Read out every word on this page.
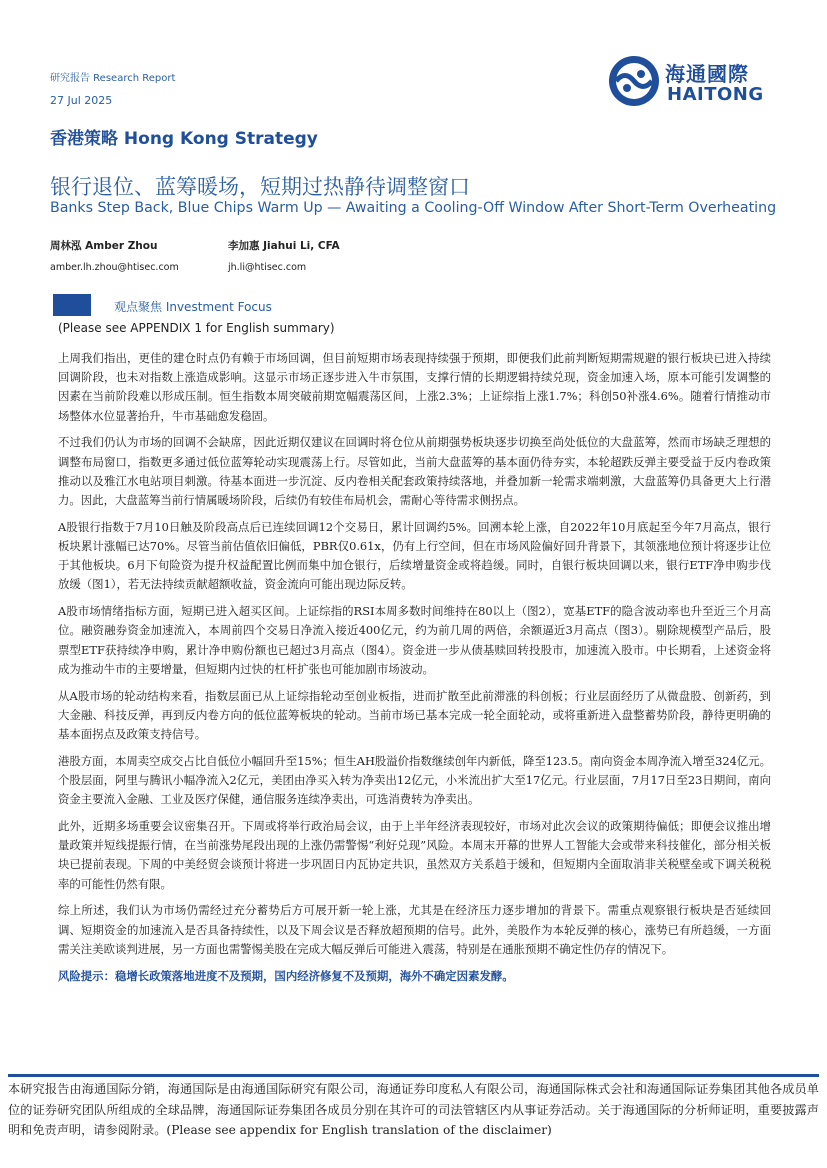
研究报告 Research Report
27 Jul 2025
海通國際
HAITONG
香港策略 Hong Kong Strategy
银行退位、蓝筹暖场，短期过热静待调整窗口
Banks Step Back, Blue Chips Warm Up — Awaiting a Cooling-Off Window After Short-Term Overheating
周林泓 Amber Zhou	李加惠 Jiahui Li, CFA
amber.lh.zhou@htisec.com	jh.li@htisec.com
观点聚焦 Investment Focus
(Please see APPENDIX 1 for English summary)

上周我们指出，更佳的建仓时点仍有赖于市场回调，但目前短期市场表现持续强于预期，即便我们此前判断短期需规避的银行板块已进入持续回调阶段，也未对指数上涨造成影响。这显示市场正逐步进入牛市氛围，支撑行情的长期逻辑持续兑现，资金加速入场，原本可能引发调整的因素在当前阶段难以形成压制。恒生指数本周突破前期宽幅震荡区间，上涨2.3%；上证综指上涨1.7%；科创50补涨4.6%。随着行情推动市场整体水位显著抬升，牛市基础愈发稳固。

不过我们仍认为市场的回调不会缺席，因此近期仅建议在回调时将仓位从前期强势板块逐步切换至尚处低位的大盘蓝筹，然而市场缺乏理想的调整布局窗口，指数更多通过低位蓝筹轮动实现震荡上行。尽管如此，当前大盘蓝筹的基本面仍待夯实，本轮超跌反弹主要受益于反内卷政策推动以及雅江水电站项目刺激。待基本面进一步沉淀、反内卷相关配套政策持续落地，并叠加新一轮需求端刺激，大盘蓝筹仍具备更大上行潜力。因此，大盘蓝筹当前行情属暖场阶段，后续仍有较佳布局机会，需耐心等待需求侧拐点。

A股银行指数于7月10日触及阶段高点后已连续回调12个交易日，累计回调约5%。回溯本轮上涨，自2022年10月底起至今年7月高点，银行板块累计涨幅已达70%。尽管当前估值依旧偏低，PBR仅0.61x，仍有上行空间，但在市场风险偏好回升背景下，其领涨地位预计将逐步让位于其他板块。6月下旬险资为提升权益配置比例而集中加仓银行，后续增量资金或将趋缓。同时，自银行板块回调以来，银行ETF净申购步伐放缓（图1），若无法持续贡献超额收益，资金流向可能出现边际反转。

A股市场情绪指标方面，短期已进入超买区间。上证综指的RSI本周多数时间维持在80以上（图2），宽基ETF的隐含波动率也升至近三个月高位。融资融券资金加速流入，本周前四个交易日净流入接近400亿元，约为前几周的两倍，余额逼近3月高点（图3）。剔除规模型产品后，股票型ETF获持续净申购，累计净申购份额也已超过3月高点（图4）。资金进一步从债基赎回转投股市，加速流入股市。中长期看，上述资金将成为推动牛市的主要增量，但短期内过快的杠杆扩张也可能加剧市场波动。

从A股市场的轮动结构来看，指数层面已从上证综指轮动至创业板指，进而扩散至此前滞涨的科创板；行业层面经历了从微盘股、创新药，到大金融、科技反弹，再到反内卷方向的低位蓝筹板块的轮动。当前市场已基本完成一轮全面轮动，或将重新进入盘整蓄势阶段，静待更明确的基本面拐点及政策支持信号。

港股方面，本周卖空成交占比自低位小幅回升至15%；恒生AH股溢价指数继续创年内新低，降至123.5。南向资金本周净流入增至324亿元。个股层面，阿里与腾讯小幅净流入2亿元，美团由净买入转为净卖出12亿元，小米流出扩大至17亿元。行业层面，7月17日至23日期间，南向资金主要流入金融、工业及医疗保健，通信服务连续净卖出，可选消费转为净卖出。

此外，近期多场重要会议密集召开。下周或将举行政治局会议，由于上半年经济表现较好，市场对此次会议的政策期待偏低；即便会议推出增量政策并短线提振行情，在当前涨势尾段出现的上涨仍需警惕“利好兑现”风险。本周末开幕的世界人工智能大会或带来科技催化，部分相关板块已提前表现。下周的中美经贸会谈预计将进一步巩固日内瓦协定共识，虽然双方关系趋于缓和，但短期内全面取消非关税壁垒或下调关税税率的可能性仍然有限。

综上所述，我们认为市场仍需经过充分蓄势后方可展开新一轮上涨，尤其是在经济压力逐步增加的背景下。需重点观察银行板块是否延续回调、短期资金的加速流入是否具备持续性，以及下周会议是否释放超预期的信号。此外，美股作为本轮反弹的核心，涨势已有所趋缓，一方面需关注美欧谈判进展，另一方面也需警惕美股在完成大幅反弹后可能进入震荡，特别是在通胀预期不确定性仍存的情况下。

风险提示：稳增长政策落地进度不及预期，国内经济修复不及预期，海外不确定因素发酵。

本研究报告由海通国际分销，海通国际是由海通国际研究有限公司，海通证券印度私人有限公司，海通国际株式会社和海通国际证券集团其他各成员单位的证券研究团队所组成的全球品牌，海通国际证券集团各成员分别在其许可的司法管辖区内从事证券活动。关于海通国际的分析师证明，重要披露声明和免责声明，请参阅附录。(Please see appendix for English translation of the disclaimer)
